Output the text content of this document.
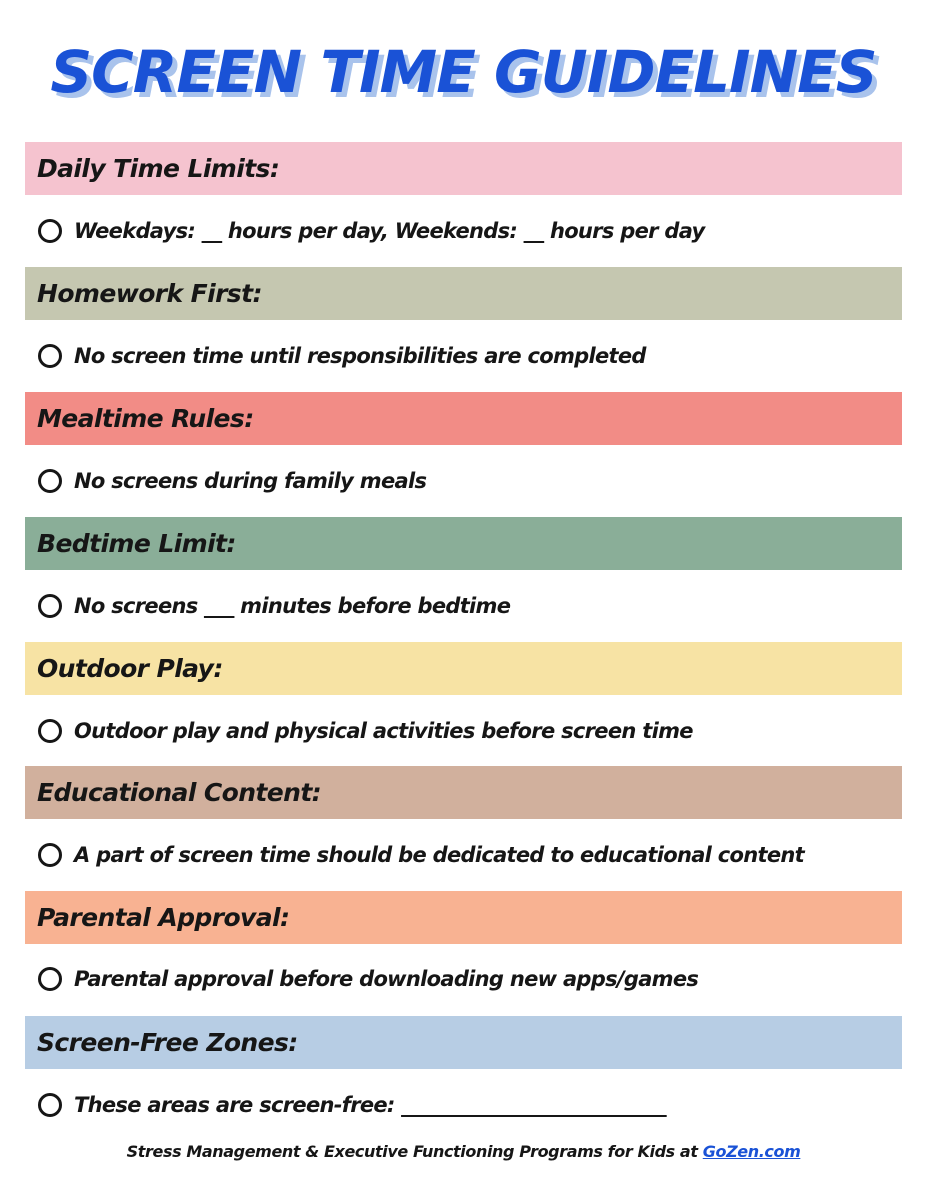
SCREEN TIME GUIDELINES
Daily Time Limits:
Weekdays: __ hours per day, Weekends: __ hours per day
Homework First:
No screen time until responsibilities are completed
Mealtime Rules:
No screens during family meals
Bedtime Limit:
No screens ___ minutes before bedtime
Outdoor Play:
Outdoor play and physical activities before screen time
Educational Content:
A part of screen time should be dedicated to educational content
Parental Approval:
Parental approval before downloading new apps/games
Screen-Free Zones:
These areas are screen-free: ___________________________
Stress Management & Executive Functioning Programs for Kids at GoZen.com
